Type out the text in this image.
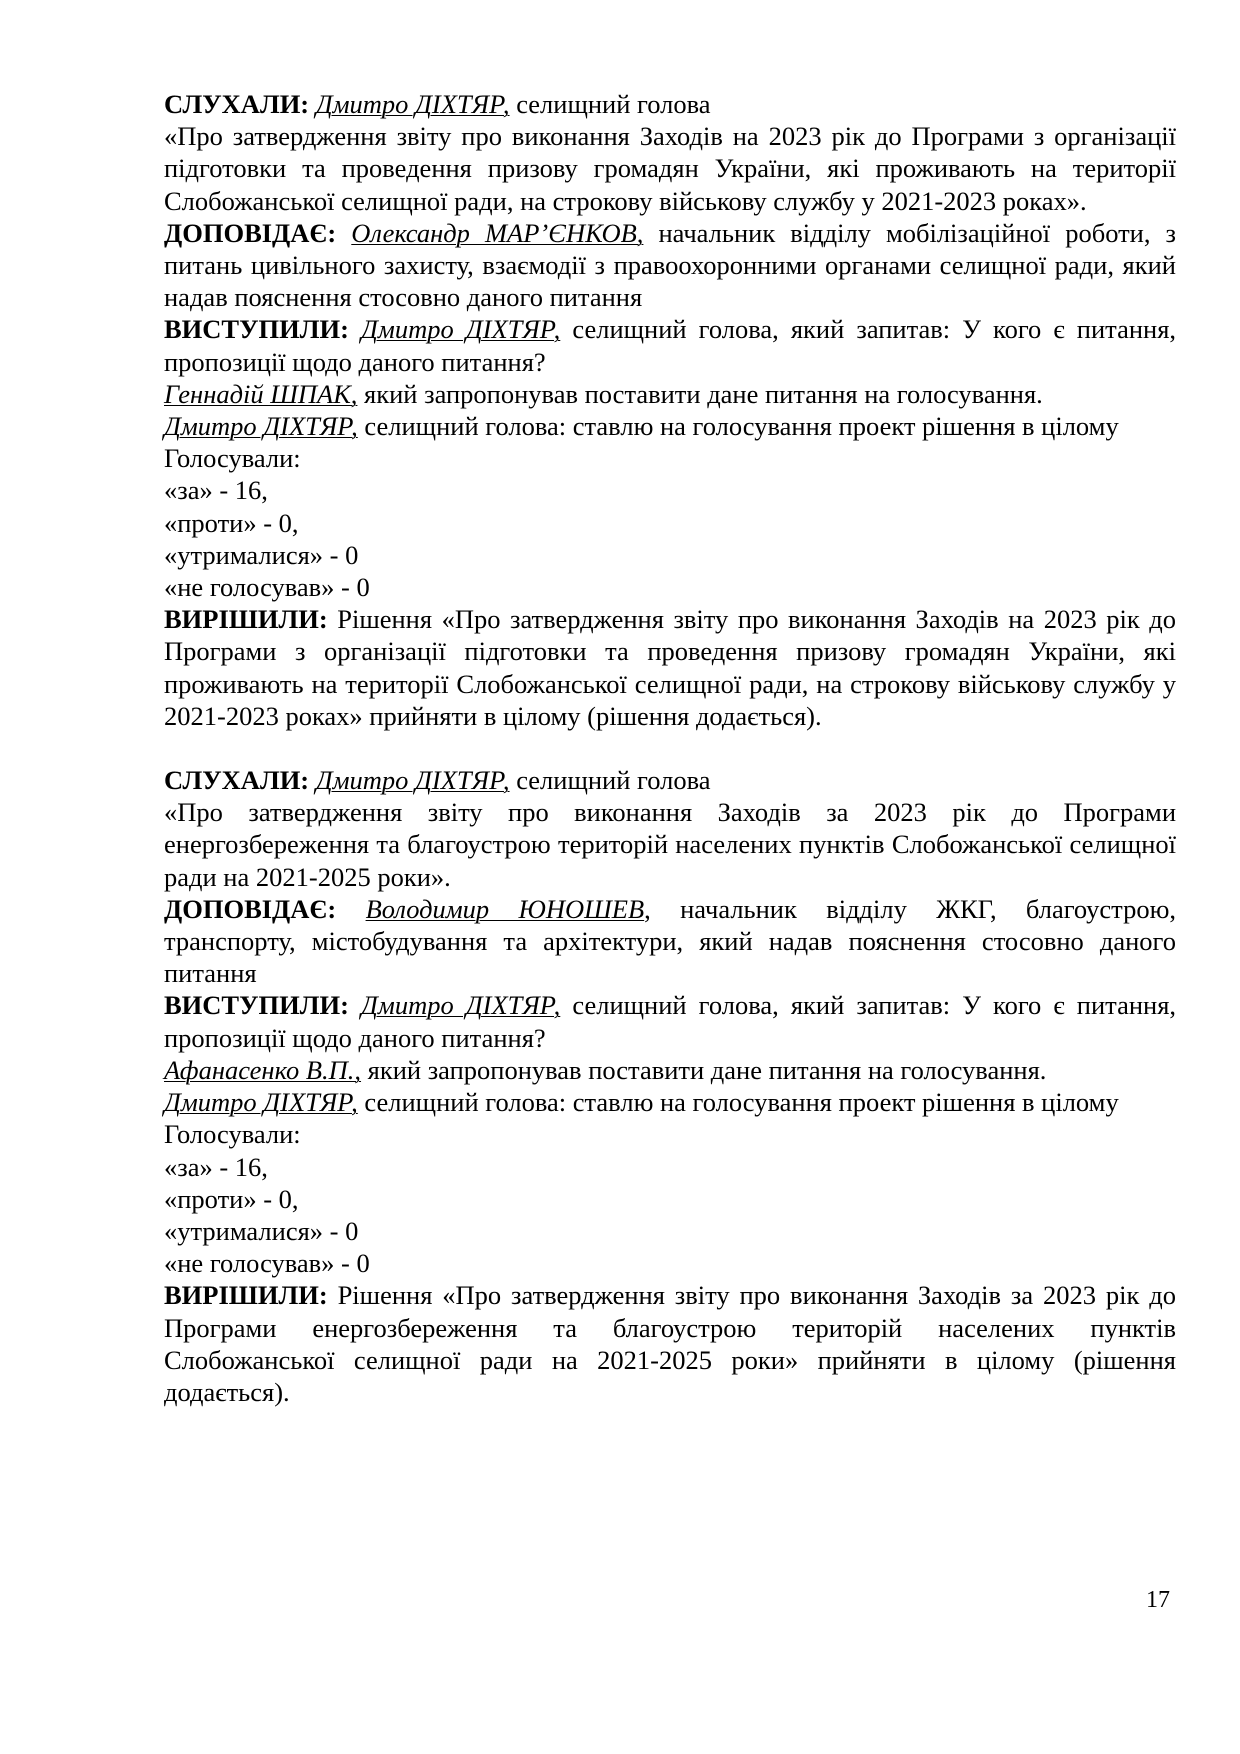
СЛУХАЛИ: Дмитро ДІХТЯР, селищний голова

«Про затвердження звіту про виконання Заходів на 2023 рік до Програми з організації підготовки та проведення призову громадян України, які проживають на території Слобожанської селищної ради, на строкову військову службу у 2021-2023 роках».

ДОПОВІДАЄ: Олександр МАР’ЄНКОВ, начальник відділу мобілізаційної роботи, з питань цивільного захисту, взаємодії з правоохоронними органами селищної ради, який надав пояснення стосовно даного питання

ВИСТУПИЛИ: Дмитро ДІХТЯР, селищний голова, який запитав: У кого є питання, пропозиції щодо даного питання?

Геннадій ШПАК, який запропонував поставити дане питання на голосування.

Дмитро ДІХТЯР, селищний голова: ставлю на голосування проект рішення в цілому

Голосували:

«за» - 16,
«проти» - 0,
«утрималися» - 0
«не голосував» - 0

ВИРІШИЛИ: Рішення «Про затвердження звіту про виконання Заходів на 2023 рік до Програми з організації підготовки та проведення призову громадян України, які проживають на території Слобожанської селищної ради, на строкову військову службу у 2021-2023 роках» прийняти в цілому (рішення додається).

СЛУХАЛИ: Дмитро ДІХТЯР, селищний голова

«Про затвердження звіту про виконання Заходів за 2023 рік до Програми енергозбереження та благоустрою територій населених пунктів Слобожанської селищної ради на 2021-2025 роки».

ДОПОВІДАЄ: Володимир ЮНОШЕВ, начальник відділу ЖКГ, благоустрою, транспорту, містобудування та архітектури, який надав пояснення стосовно даного питання

ВИСТУПИЛИ: Дмитро ДІХТЯР, селищний голова, який запитав: У кого є питання, пропозиції щодо даного питання?

Афанасенко В.П., який запропонував поставити дане питання на голосування.

Дмитро ДІХТЯР, селищний голова: ставлю на голосування проект рішення в цілому

Голосували:

«за» - 16,
«проти» - 0,
«утрималися» - 0
«не голосував» - 0

ВИРІШИЛИ: Рішення «Про затвердження звіту про виконання Заходів за 2023 рік до Програми енергозбереження та благоустрою територій населених пунктів Слобожанської селищної ради на 2021-2025 роки» прийняти в цілому (рішення додається).

17
